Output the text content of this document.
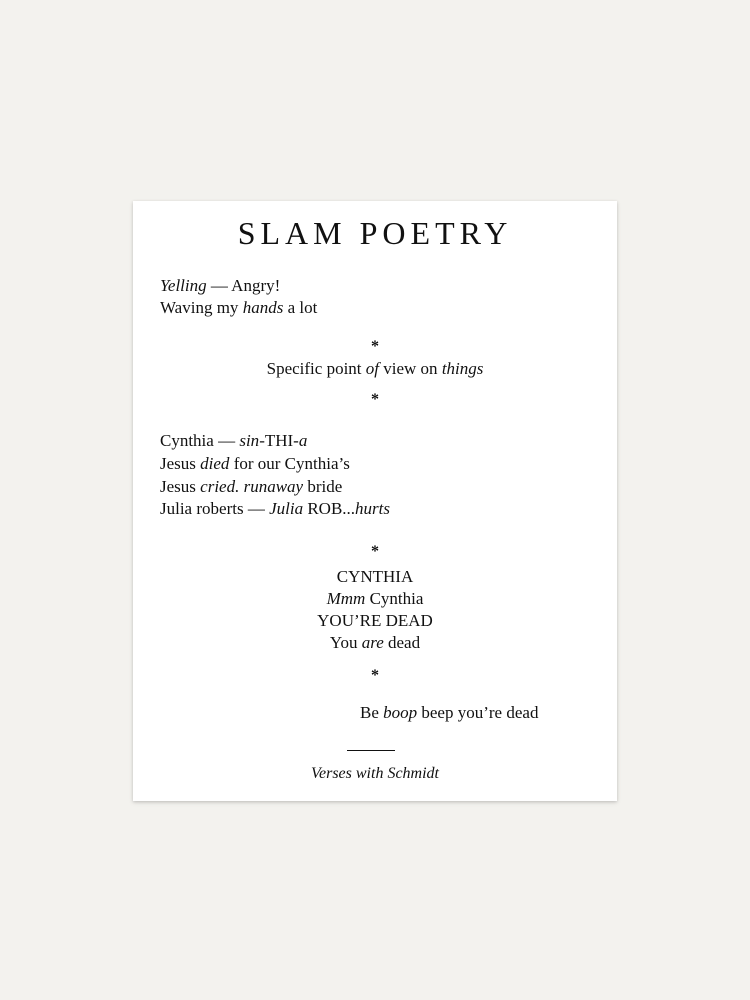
SLAM POETRY
Yelling — Angry!
Waving my hands a lot
*
Specific point of view on things
*
Cynthia — sin-THI-a
Jesus died for our Cynthia’s
Jesus cried. runaway bride
Julia roberts — Julia ROB...hurts
*
CYNTHIA
Mmm Cynthia
YOU’RE DEAD
You are dead
*
Be boop beep you’re dead
Verses with Schmidt
